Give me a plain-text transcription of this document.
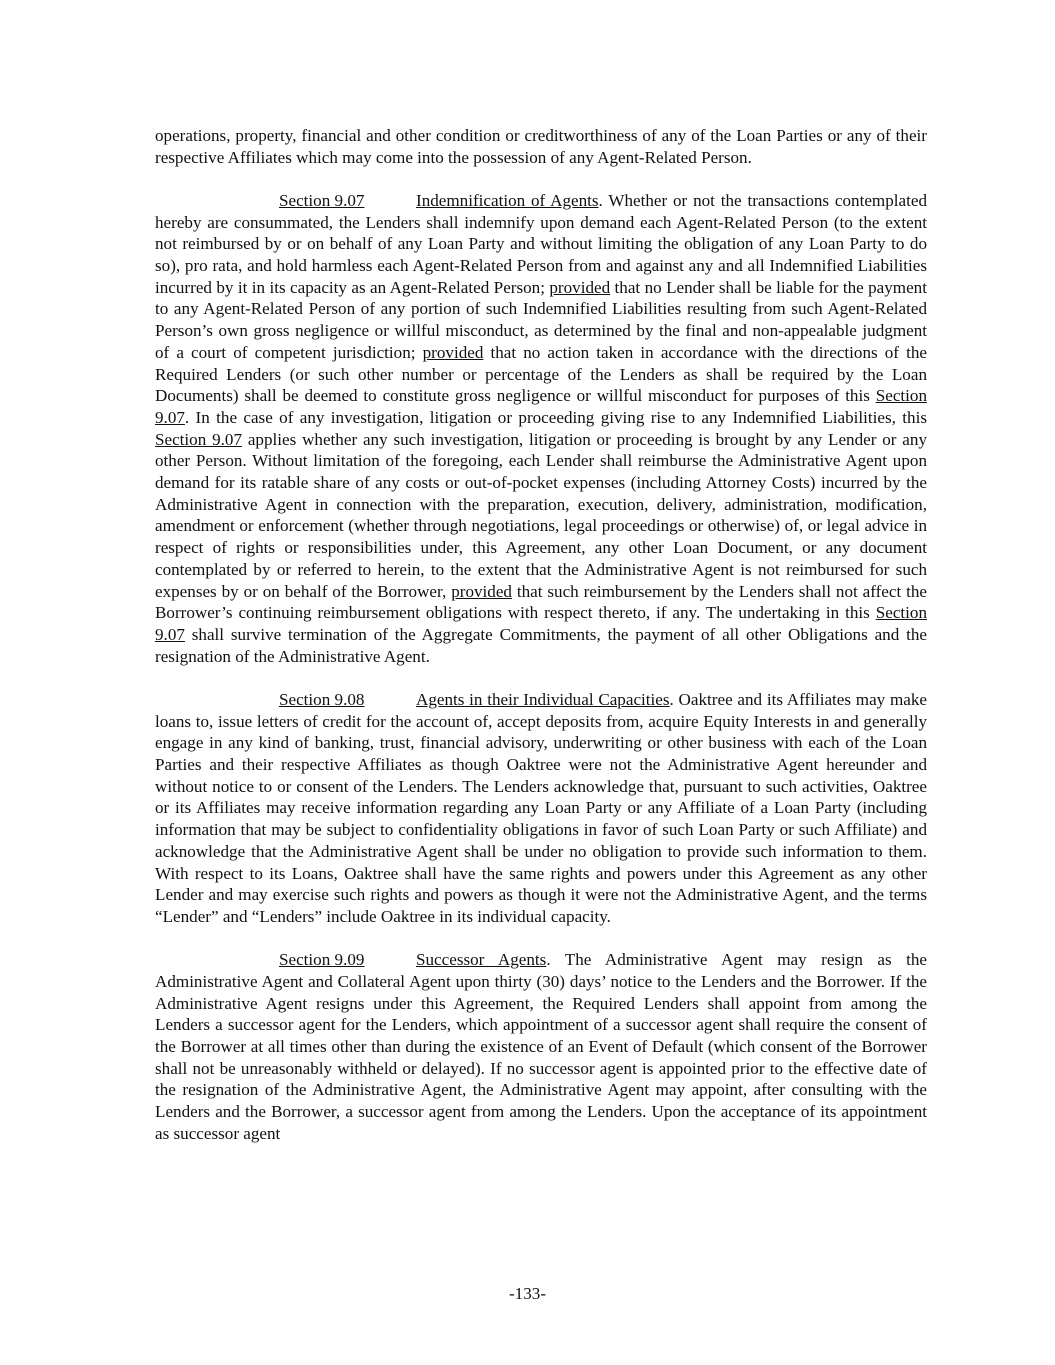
operations, property, financial and other condition or creditworthiness of any of the Loan Parties or any of their respective Affiliates which may come into the possession of any Agent-Related Person.

Section 9.07	Indemnification of Agents. Whether or not the transactions contemplated hereby are consummated, the Lenders shall indemnify upon demand each Agent-Related Person (to the extent not reimbursed by or on behalf of any Loan Party and without limiting the obligation of any Loan Party to do so), pro rata, and hold harmless each Agent-Related Person from and against any and all Indemnified Liabilities incurred by it in its capacity as an Agent-Related Person; provided that no Lender shall be liable for the payment to any Agent-Related Person of any portion of such Indemnified Liabilities resulting from such Agent-Related Person’s own gross negligence or willful misconduct, as determined by the final and non-appealable judgment of a court of competent jurisdiction; provided that no action taken in accordance with the directions of the Required Lenders (or such other number or percentage of the Lenders as shall be required by the Loan Documents) shall be deemed to constitute gross negligence or willful misconduct for purposes of this Section 9.07. In the case of any investigation, litigation or proceeding giving rise to any Indemnified Liabilities, this Section 9.07 applies whether any such investigation, litigation or proceeding is brought by any Lender or any other Person. Without limitation of the foregoing, each Lender shall reimburse the Administrative Agent upon demand for its ratable share of any costs or out-of-pocket expenses (including Attorney Costs) incurred by the Administrative Agent in connection with the preparation, execution, delivery, administration, modification, amendment or enforcement (whether through negotiations, legal proceedings or otherwise) of, or legal advice in respect of rights or responsibilities under, this Agreement, any other Loan Document, or any document contemplated by or referred to herein, to the extent that the Administrative Agent is not reimbursed for such expenses by or on behalf of the Borrower, provided that such reimbursement by the Lenders shall not affect the Borrower’s continuing reimbursement obligations with respect thereto, if any. The undertaking in this Section 9.07 shall survive termination of the Aggregate Commitments, the payment of all other Obligations and the resignation of the Administrative Agent.

Section 9.08	Agents in their Individual Capacities. Oaktree and its Affiliates may make loans to, issue letters of credit for the account of, accept deposits from, acquire Equity Interests in and generally engage in any kind of banking, trust, financial advisory, underwriting or other business with each of the Loan Parties and their respective Affiliates as though Oaktree were not the Administrative Agent hereunder and without notice to or consent of the Lenders. The Lenders acknowledge that, pursuant to such activities, Oaktree or its Affiliates may receive information regarding any Loan Party or any Affiliate of a Loan Party (including information that may be subject to confidentiality obligations in favor of such Loan Party or such Affiliate) and acknowledge that the Administrative Agent shall be under no obligation to provide such information to them. With respect to its Loans, Oaktree shall have the same rights and powers under this Agreement as any other Lender and may exercise such rights and powers as though it were not the Administrative Agent, and the terms “Lender” and “Lenders” include Oaktree in its individual capacity.

Section 9.09	Successor Agents. The Administrative Agent may resign as the Administrative Agent and Collateral Agent upon thirty (30) days’ notice to the Lenders and the Borrower. If the Administrative Agent resigns under this Agreement, the Required Lenders shall appoint from among the Lenders a successor agent for the Lenders, which appointment of a successor agent shall require the consent of the Borrower at all times other than during the existence of an Event of Default (which consent of the Borrower shall not be unreasonably withheld or delayed). If no successor agent is appointed prior to the effective date of the resignation of the Administrative Agent, the Administrative Agent may appoint, after consulting with the Lenders and the Borrower, a successor agent from among the Lenders. Upon the acceptance of its appointment as successor agent

-133-
